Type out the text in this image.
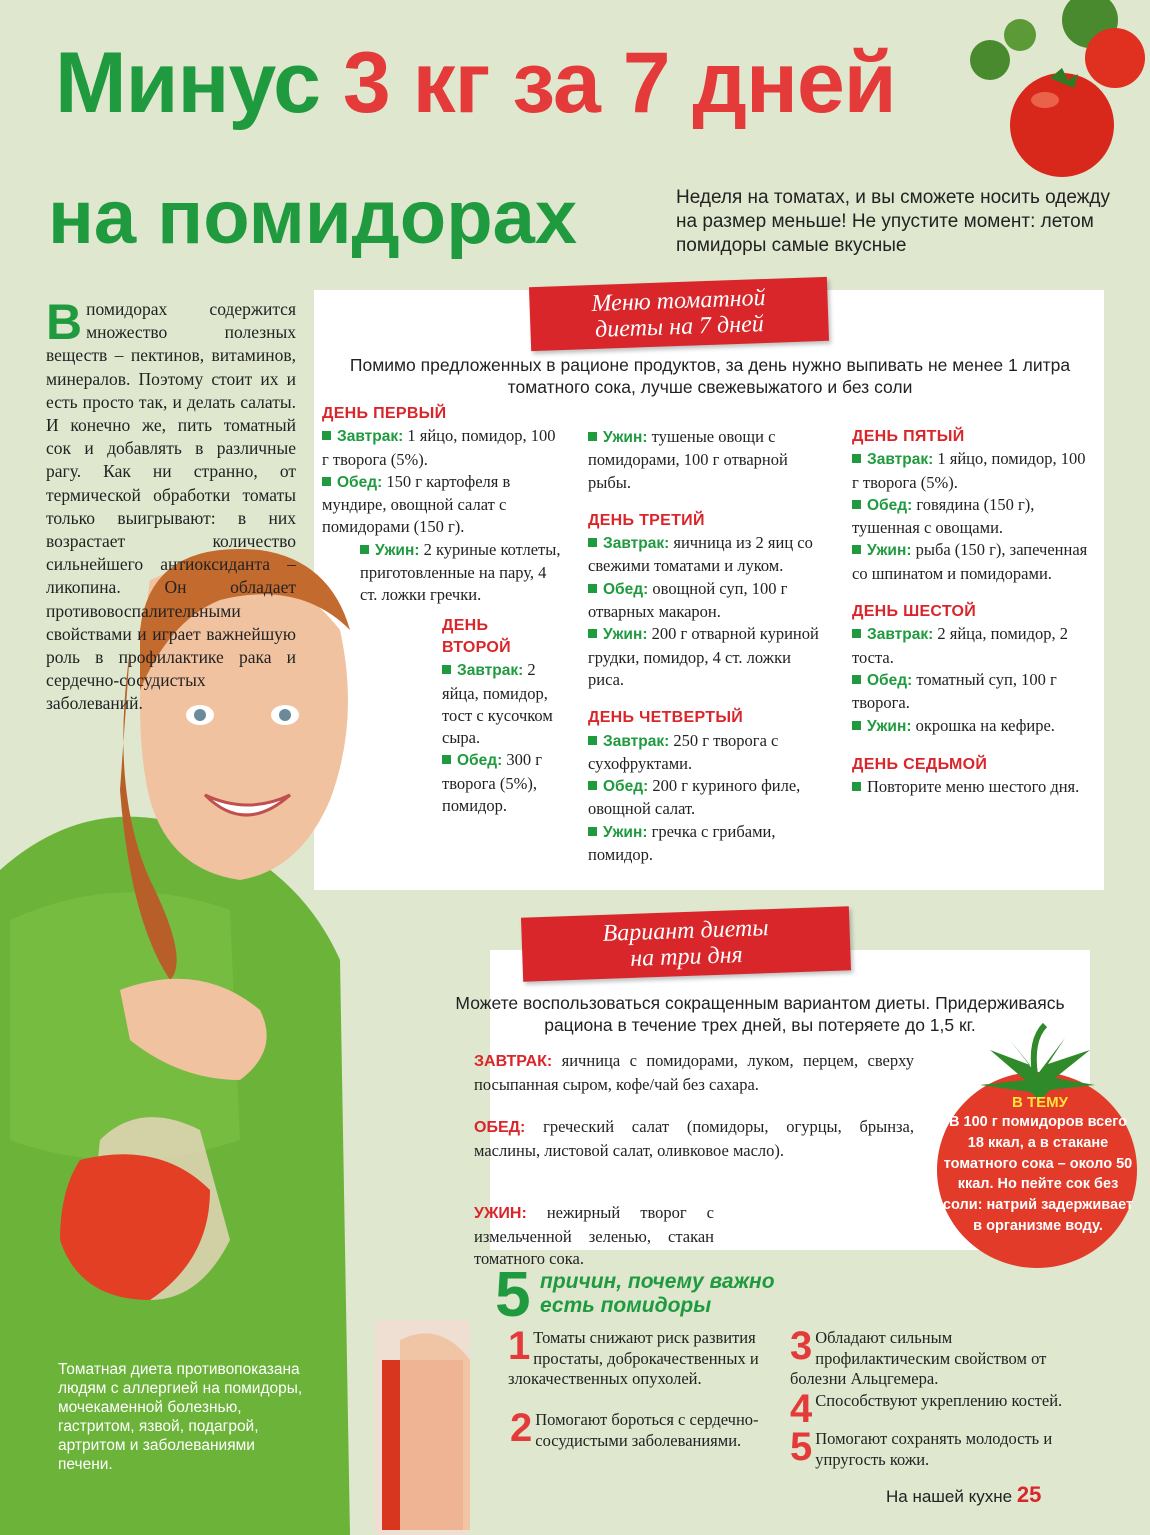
Минус 3 кг за 7 дней
на помидорах	Неделя на томатах, и вы сможете носить одежду на размер меньше! Не упустите момент: летом помидоры самые вкусные
Впомидорах содержится множество полезных веществ – пектинов, витаминов, минералов. Поэтому стоит их и есть просто так, и делать салаты. И конечно же, пить томатный сок и добавлять в различные рагу. Как ни странно, от термической обработки томаты только выигрывают: в них возрастает количество сильнейшего антиоксиданта – ликопина. Он обладает противовоспалительными свойствами и играет важнейшую роль в профилактике рака и сердечно-сосудистых заболеваний.
Меню томатной
диеты на 7 дней
Помимо предложенных в рационе продуктов, за день нужно выпивать не менее 1 литра томатного сока, лучше свежевыжатого и без соли
ДЕНЬ ПЕРВЫЙ

Завтрак: 1 яйцо, помидор, 100 г творога (5%).

Обед: 150 г картофеля в мундире, овощной салат с помидорами (150 г).

Ужин: 2 куриные котлеты, приготовленные на пару, 4 ст. ложки гречки.

ДЕНЬ ВТОРОЙ

Завтрак: 2 яйца, помидор, тост с кусочком сыра.

Обед: 300 г творога (5%), помидор.

Ужин: тушеные овощи с помидорами, 100 г отварной рыбы.

ДЕНЬ ТРЕТИЙ

Завтрак: яичница из 2 яиц со свежими томатами и луком.

Обед: овощной суп, 100 г отварных макарон.

Ужин: 200 г отварной куриной грудки, помидор, 4 ст. ложки риса.

ДЕНЬ ЧЕТВЕРТЫЙ

Завтрак: 250 г творога с сухофруктами.

Обед: 200 г куриного филе, овощной салат.

Ужин: гречка с грибами, помидор.

ДЕНЬ ПЯТЫЙ

Завтрак: 1 яйцо, помидор, 100 г творога (5%).

Обед: говядина (150 г), тушенная с овощами.

Ужин: рыба (150 г), запеченная со шпинатом и помидорами.

ДЕНЬ ШЕСТОЙ

Завтрак: 2 яйца, помидор, 2 тоста.

Обед: томатный суп, 100 г творога.

Ужин: окрошка на кефире.

ДЕНЬ СЕДЬМОЙ

Повторите меню шестого дня.

Вариант диеты
на три дня
Можете воспользоваться сокращенным вариантом диеты. Придерживаясь рациона в течение трех дней, вы потеряете до 1,5 кг.
ЗАВТРАК: яичница с помидорами, луком, перцем, сверху посыпанная сыром, кофе/чай без сахара.
ОБЕД: греческий салат (помидоры, огурцы, брынза, маслины, листовой салат, оливковое масло).
УЖИН: нежирный творог с измельченной зеленью, стакан томатного сока.
В ТЕМУ
В 100 г помидоров всего 18 ккал, а в стакане томатного сока – около 50 ккал. Но пейте сок без соли: натрий задерживает в организме воду.
5 причин, почему важно
есть помидоры
1 Томаты снижают риск развития простаты, доброкачественных и злокачественных опухолей.
2 Помогают бороться с сердечно-сосудистыми заболеваниями.
3 Обладают сильным профилактическим свойством от болезни Альцгемера.
4 Способствуют укреплению костей.
5 Помогают сохранять молодость и упругость кожи.
Томатная диета противопоказана людям с аллергией на помидоры, мочекаменной болезнью, гастритом, язвой, подагрой, артритом и заболеваниями печени.
На нашей кухне 25
